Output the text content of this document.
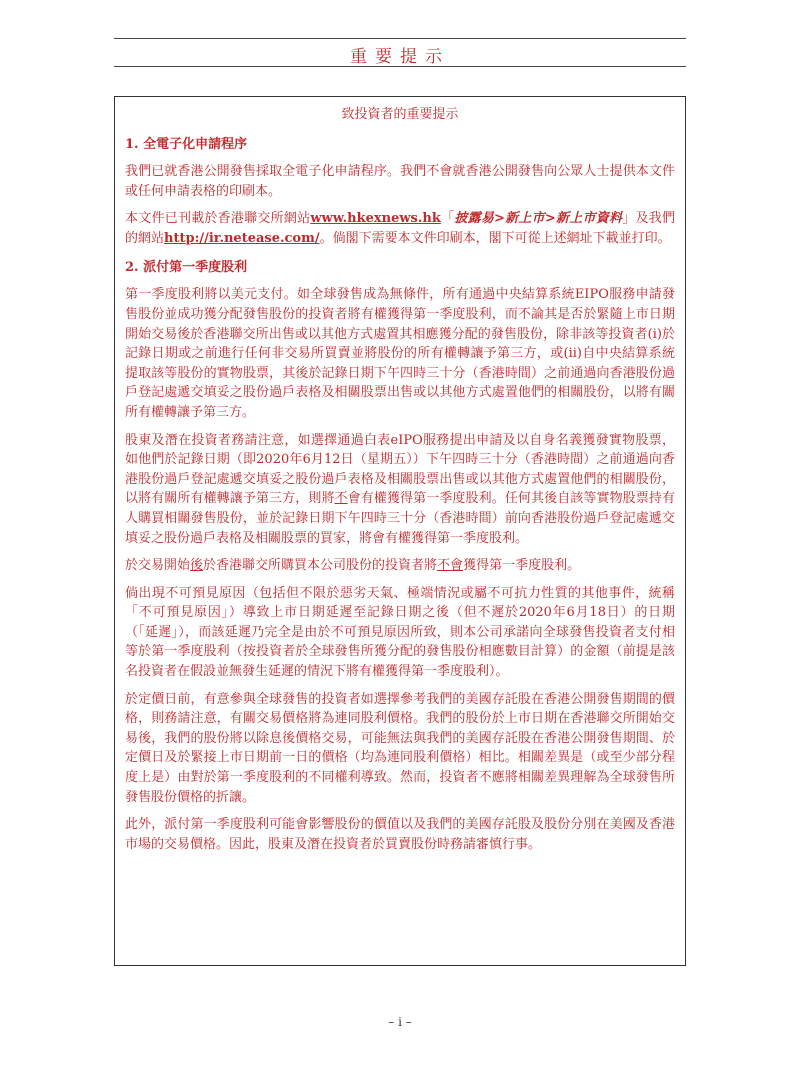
重要提示
致投資者的重要提示
1. 全電子化申請程序

我們已就香港公開發售採取全電子化申請程序。我們不會就香港公開發售向公眾人士提供本文件或任何申請表格的印刷本。

本文件已刊載於香港聯交所網站www.hkexnews.hk「披露易>新上市>新上市資料」及我們的網站http://ir.netease.com/。倘閣下需要本文件印刷本，閣下可從上述網址下載並打印。

2. 派付第一季度股利

第一季度股利將以美元支付。如全球發售成為無條件，所有通過中央結算系統EIPO服務申請發售股份並成功獲分配發售股份的投資者將有權獲得第一季度股利，而不論其是否於緊隨上市日期開始交易後於香港聯交所出售或以其他方式處置其相應獲分配的發售股份，除非該等投資者(i)於記錄日期或之前進行任何非交易所買賣並將股份的所有權轉讓予第三方，或(ii)自中央結算系統提取該等股份的實物股票，其後於記錄日期下午四時三十分（香港時間）之前通過向香港股份過戶登記處遞交填妥之股份過戶表格及相關股票出售或以其他方式處置他們的相關股份，以將有關所有權轉讓予第三方。

股東及潛在投資者務請注意，如選擇通過白表eIPO服務提出申請及以自身名義獲發實物股票，如他們於記錄日期（即2020年6月12日（星期五））下午四時三十分（香港時間）之前通過向香港股份過戶登記處遞交填妥之股份過戶表格及相關股票出售或以其他方式處置他們的相關股份，以將有關所有權轉讓予第三方，則將不會有權獲得第一季度股利。任何其後自該等實物股票持有人購買相關發售股份，並於記錄日期下午四時三十分（香港時間）前向香港股份過戶登記處遞交填妥之股份過戶表格及相關股票的買家，將會有權獲得第一季度股利。

於交易開始後於香港聯交所購買本公司股份的投資者將不會獲得第一季度股利。

倘出現不可預見原因（包括但不限於惡劣天氣、極端情況或屬不可抗力性質的其他事件，統稱「不可預見原因」）導致上市日期延遲至記錄日期之後（但不遲於2020年6月18日）的日期（「延遲」），而該延遲乃完全是由於不可預見原因所致，則本公司承諾向全球發售投資者支付相等於第一季度股利（按投資者於全球發售所獲分配的發售股份相應數目計算）的金額（前提是該名投資者在假設並無發生延遲的情況下將有權獲得第一季度股利）。

於定價日前，有意參與全球發售的投資者如選擇參考我們的美國存託股在香港公開發售期間的價格，則務請注意，有關交易價格將為連同股利價格。我們的股份於上市日期在香港聯交所開始交易後，我們的股份將以除息後價格交易，可能無法與我們的美國存託股在香港公開發售期間、於定價日及於緊接上市日期前一日的價格（均為連同股利價格）相比。相關差異是（或至少部分程度上是）由對於第一季度股利的不同權利導致。然而，投資者不應將相關差異理解為全球發售所發售股份價格的折讓。

此外，派付第一季度股利可能會影響股份的價值以及我們的美國存託股及股份分別在美國及香港市場的交易價格。因此，股東及潛在投資者於買賣股份時務請審慎行事。

– i –
